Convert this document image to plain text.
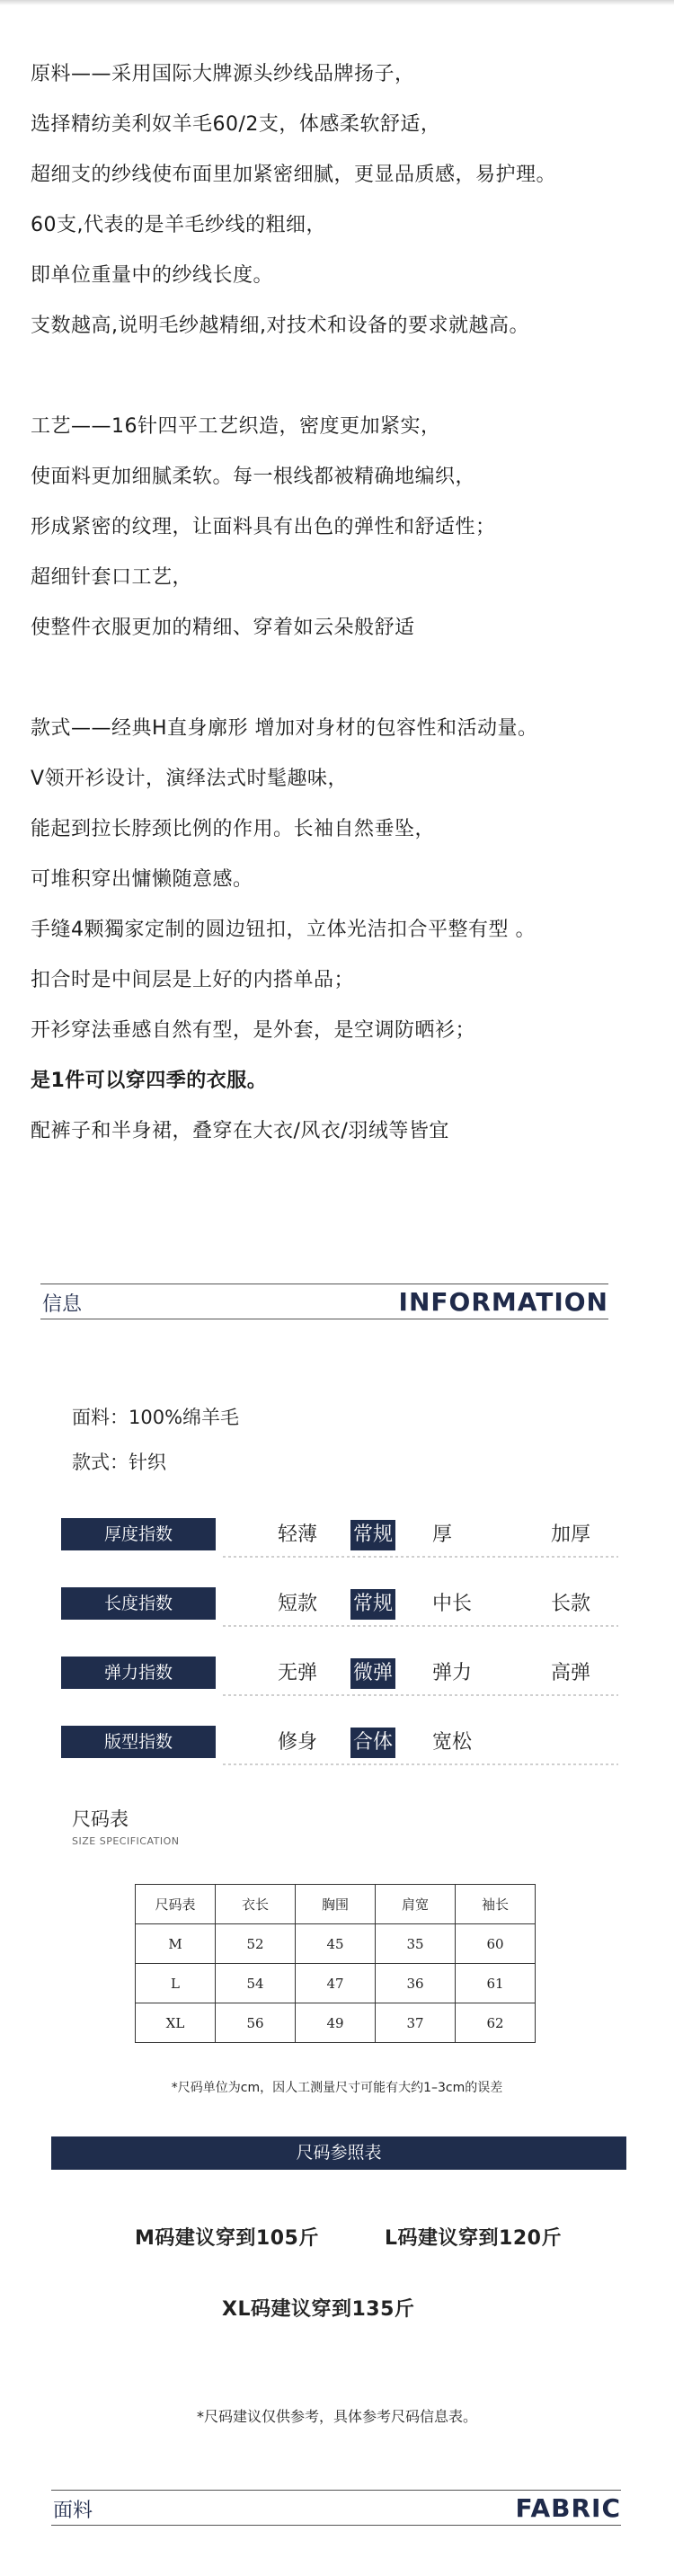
原料——采用国际大牌源头纱线品牌扬子，
选择精纺美利奴羊毛60/2支，体感柔软舒适，
超细支的纱线使布面里加紧密细腻，更显品质感，易护理。
60支,代表的是羊毛纱线的粗细，
即单位重量中的纱线长度。
支数越高,说明毛纱越精细,对技术和设备的要求就越高。
工艺——16针四平工艺织造，密度更加紧实，
使面料更加细腻柔软。每一根线都被精确地编织，
形成紧密的纹理，让面料具有出色的弹性和舒适性；
超细针套口工艺，
使整件衣服更加的精细、穿着如云朵般舒适
款式——经典H直身廓形 增加对身材的包容性和活动量。
V领开衫设计，演绎法式时髦趣味，
能起到拉长脖颈比例的作用。长袖自然垂坠，
可堆积穿出慵懒随意感。
手缝4颗獨家定制的圆边钮扣，立体光洁扣合平整有型 。
扣合时是中间层是上好的内搭单品；
开衫穿法垂感自然有型，是外套，是空调防晒衫；
是1件可以穿四季的衣服。
配裤子和半身裙，叠穿在大衣/风衣/羽绒等皆宜
信息	INFORMATION
面料：100%绵羊毛
款式：针织
厚度指数	轻薄 常规 厚	加厚
长度指数	短款 常规 中长	长款
弹力指数	无弹 微弹 弹力	高弹
版型指数	修身 合体 宽松
尺码表
SIZE SPECIFICATION
尺码表	衣长	胸围	肩宽	袖长
M	52	45	35	60
L	54	47	36	61
XL	56	49	37	62
*尺码单位为cm，因人工测量尺寸可能有大约1–3cm的误差
尺码参照表
M码建议穿到105斤	L码建议穿到120斤
XL码建议穿到135斤
*尺码建议仅供参考，具体参考尺码信息表。
面料	FABRIC
